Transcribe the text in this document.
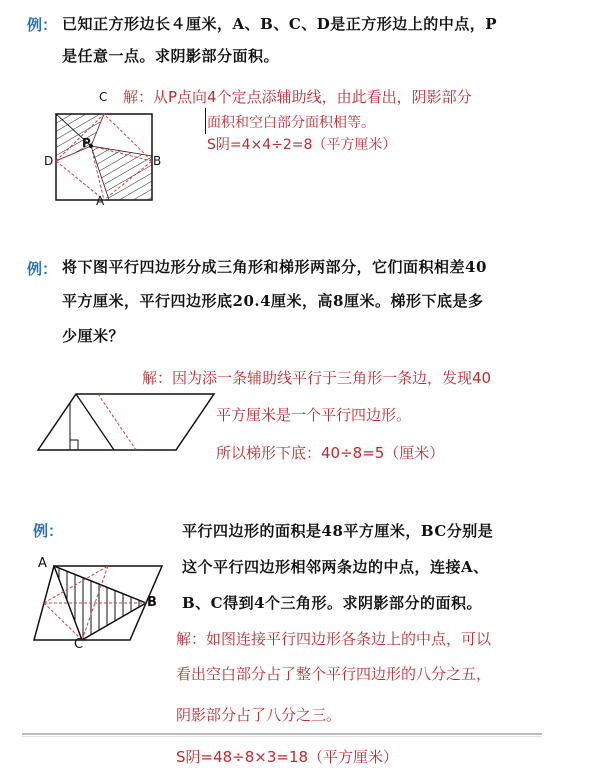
例： 已知正方形边长４厘米，A、B、C、D是正方形边上的中点，P
是任意一点。求阴影部分面积。
C 解：从P点向4个定点添辅助线，由此看出，阴影部分
面积和空白部分面积相等。
S阴=4×4÷2=8（平方厘米）
P
D	B
A
例： 将下图平行四边形分成三角形和梯形两部分，它们面积相差40
平方厘米，平行四边形底20.4厘米，高8厘米。梯形下底是多
少厘米？
解：因为添一条辅助线平行于三角形一条边，发现40
平方厘米是一个平行四边形。
所以梯形下底：40÷8=5（厘米）
例：	平行四边形的面积是48平方厘米，BC分别是
这个平行四边形相邻两条边的中点，连接A、
B、C得到4个三角形。求阴影部分的面积。
A
B
C	解：如图连接平行四边形各条边上的中点，可以
看出空白部分占了整个平行四边形的八分之五，
阴影部分占了八分之三。
S阴=48÷8×3=18（平方厘米）
